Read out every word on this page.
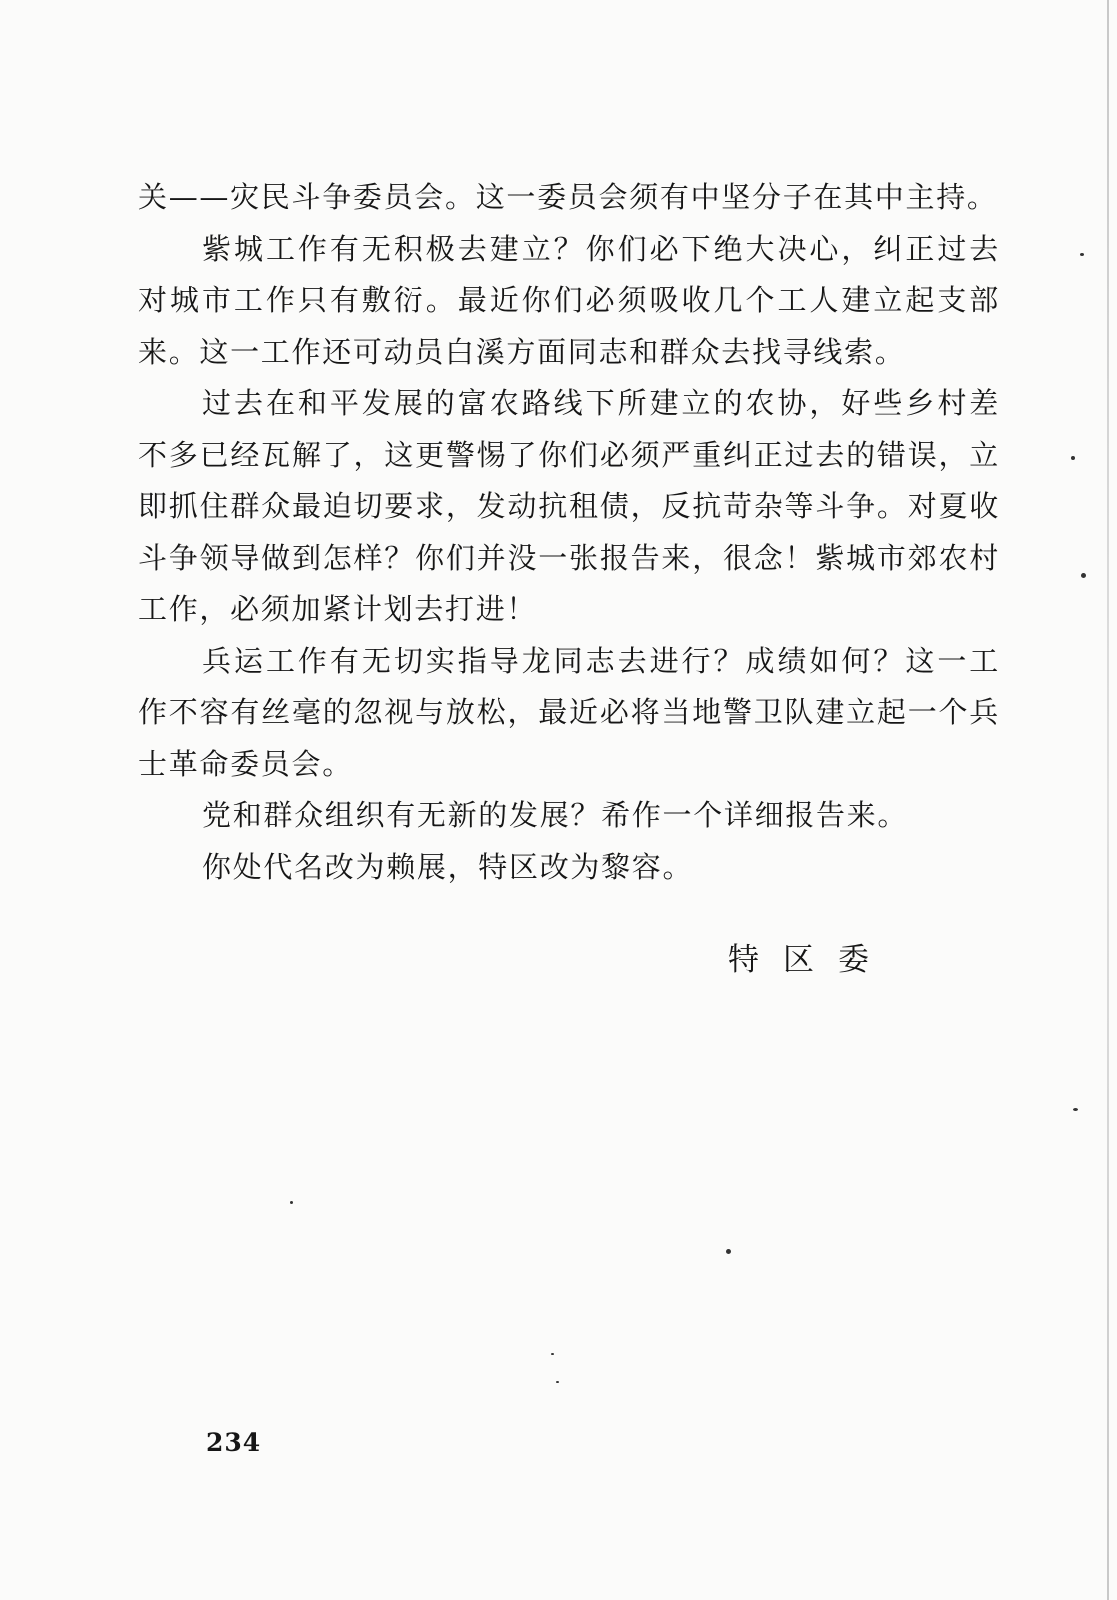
关——灾民斗争委员会。这一委员会须有中坚分子在其中主持。

紫城工作有无积极去建立？你们必下绝大决心，纠正过去对城市工作只有敷衍。最近你们必须吸收几个工人建立起支部来。这一工作还可动员白溪方面同志和群众去找寻线索。

过去在和平发展的富农路线下所建立的农协，好些乡村差不多已经瓦解了，这更警惕了你们必须严重纠正过去的错误，立即抓住群众最迫切要求，发动抗租债，反抗苛杂等斗争。对夏收斗争领导做到怎样？你们并没一张报告来，很念！紫城市郊农村工作，必须加紧计划去打进！

兵运工作有无切实指导龙同志去进行？成绩如何？这一工作不容有丝毫的忽视与放松，最近必将当地警卫队建立起一个兵士革命委员会。

党和群众组织有无新的发展？希作一个详细报告来。

你处代名改为赖展，特区改为黎容。

特区委
234
